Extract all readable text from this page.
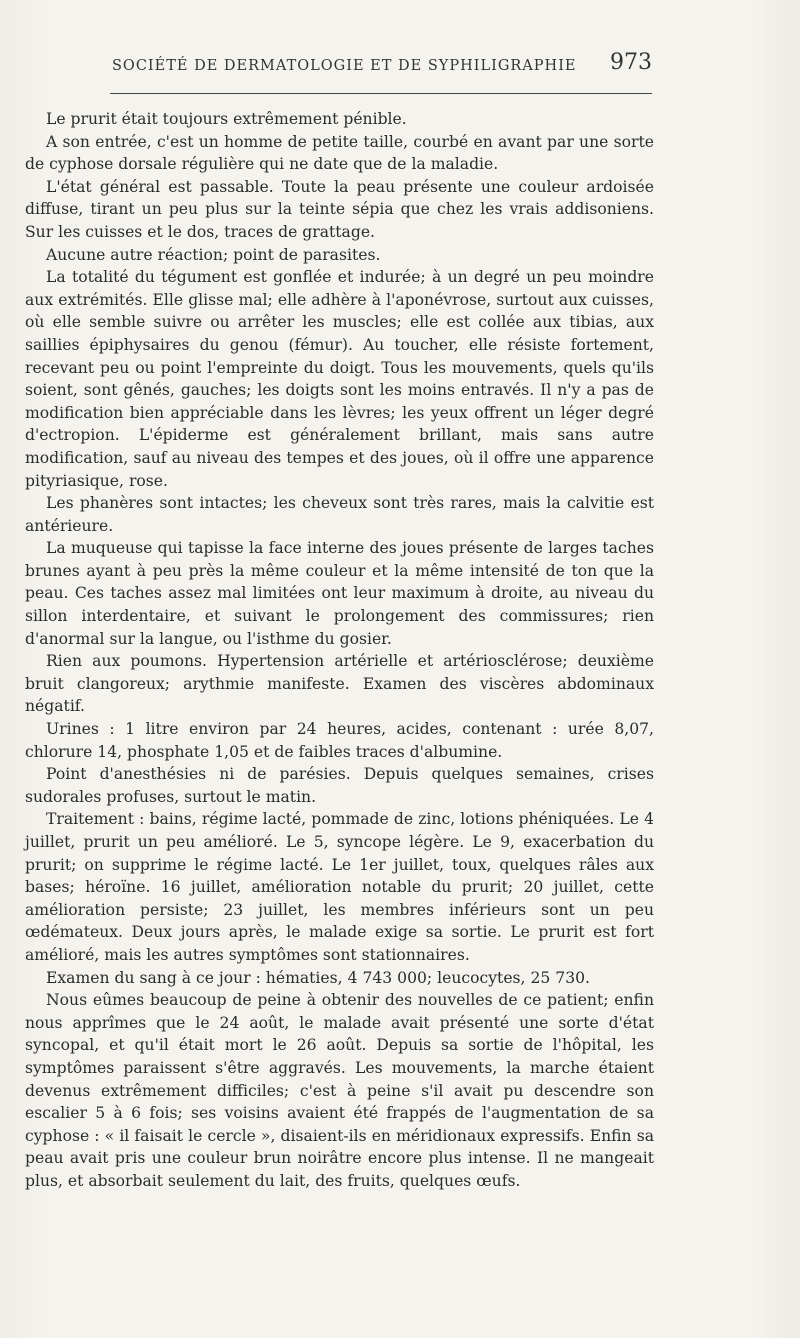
SOCIÉTÉ DE DERMATOLOGIE ET DE SYPHILIGRAPHIE 973

Le prurit était toujours extrêmement pénible.

A son entrée, c'est un homme de petite taille, courbé en avant par une sorte de cyphose dorsale régulière qui ne date que de la maladie.

L'état général est passable. Toute la peau présente une couleur ardoisée diffuse, tirant un peu plus sur la teinte sépia que chez les vrais addisoniens. Sur les cuisses et le dos, traces de grattage.

Aucune autre réaction; point de parasites.

La totalité du tégument est gonflée et indurée; à un degré un peu moindre aux extrémités. Elle glisse mal; elle adhère à l'aponévrose, surtout aux cuisses, où elle semble suivre ou arrêter les muscles; elle est collée aux tibias, aux saillies épiphysaires du genou (fémur). Au toucher, elle résiste fortement, recevant peu ou point l'empreinte du doigt. Tous les mouvements, quels qu'ils soient, sont gênés, gauches; les doigts sont les moins entravés. Il n'y a pas de modification bien appréciable dans les lèvres; les yeux offrent un léger degré d'ectropion. L'épiderme est généralement brillant, mais sans autre modification, sauf au niveau des tempes et des joues, où il offre une apparence pityriasique, rose.

Les phanères sont intactes; les cheveux sont très rares, mais la calvitie est antérieure.

La muqueuse qui tapisse la face interne des joues présente de larges taches brunes ayant à peu près la même couleur et la même intensité de ton que la peau. Ces taches assez mal limitées ont leur maximum à droite, au niveau du sillon interdentaire, et suivant le prolongement des commissures; rien d'anormal sur la langue, ou l'isthme du gosier.

Rien aux poumons. Hypertension artérielle et artériosclérose; deuxième bruit clangoreux; arythmie manifeste. Examen des viscères abdominaux négatif.

Urines : 1 litre environ par 24 heures, acides, contenant : urée 8,07, chlorure 14, phosphate 1,05 et de faibles traces d'albumine.

Point d'anesthésies ni de parésies. Depuis quelques semaines, crises sudorales profuses, surtout le matin.

Traitement : bains, régime lacté, pommade de zinc, lotions phéniquées. Le 4 juillet, prurit un peu amélioré. Le 5, syncope légère. Le 9, exacerbation du prurit; on supprime le régime lacté. Le 1er juillet, toux, quelques râles aux bases; héroïne. 16 juillet, amélioration notable du prurit; 20 juillet, cette amélioration persiste; 23 juillet, les membres inférieurs sont un peu œdémateux. Deux jours après, le malade exige sa sortie. Le prurit est fort amélioré, mais les autres symptômes sont stationnaires.

Examen du sang à ce jour : hématies, 4 743 000; leucocytes, 25 730.

Nous eûmes beaucoup de peine à obtenir des nouvelles de ce patient; enfin nous apprîmes que le 24 août, le malade avait présenté une sorte d'état syncopal, et qu'il était mort le 26 août. Depuis sa sortie de l'hôpital, les symptômes paraissent s'être aggravés. Les mouvements, la marche étaient devenus extrêmement difficiles; c'est à peine s'il avait pu descendre son escalier 5 à 6 fois; ses voisins avaient été frappés de l'augmentation de sa cyphose : « il faisait le cercle », disaient-ils en méridionaux expressifs. Enfin sa peau avait pris une couleur brun noirâtre encore plus intense. Il ne mangeait plus, et absorbait seulement du lait, des fruits, quelques œufs.
